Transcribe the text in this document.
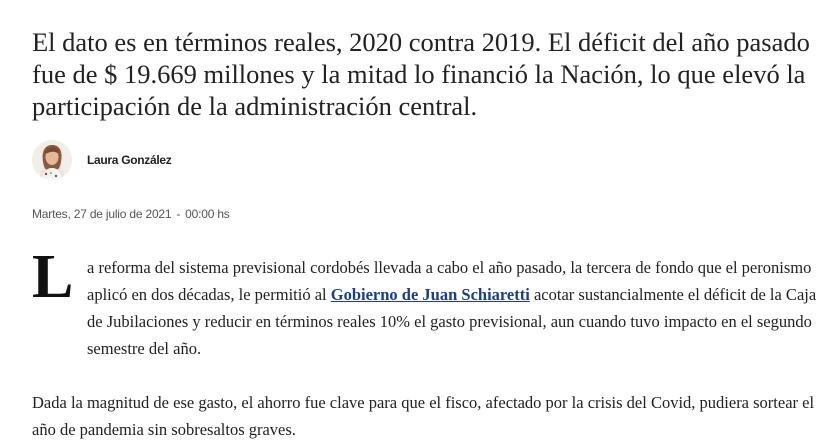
El dato es en términos reales, 2020 contra 2019. El déficit del año pasado fue de $ 19.669 millones y la mitad lo financió la Nación, lo que elevó la participación de la administración central.
Laura González
Martes, 27 de julio de 2021 - 00:00 hs

L a reforma del sistema previsional cordobés llevada a cabo el año pasado, la tercera de fondo que el peronismo aplicó en dos décadas, le permitió al Gobierno de Juan Schiaretti acotar sustancialmente el déficit de la Caja de Jubilaciones y reducir en términos reales 10% el gasto previsional, aun cuando tuvo impacto en el segundo semestre del año.

Dada la magnitud de ese gasto, el ahorro fue clave para que el fisco, afectado por la crisis del Covid, pudiera sortear el año de pandemia sin sobresaltos graves.
